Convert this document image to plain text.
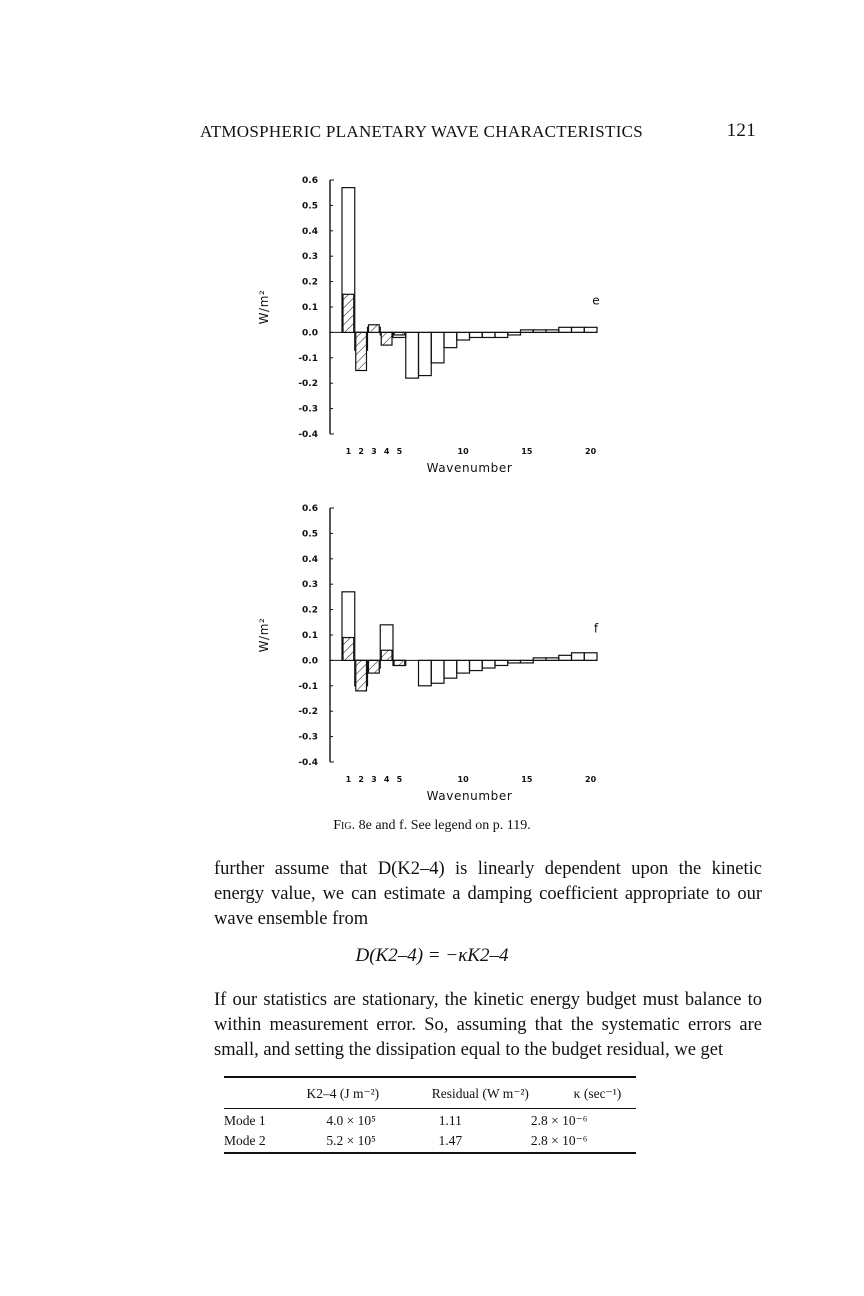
ATMOSPHERIC PLANETARY WAVE CHARACTERISTICS	121
0.6
0.5
0.4
0.3
0.2
0.1
0.0
-0.1
-0.2
-0.3
-0.4
1 2 3 4 5	10	15	20
Wavenumber
W/m²	e
0.6
0.5
0.4
0.3
0.2
0.1
0.0
-0.1
-0.2
-0.3
-0.4
1 2 3 4 5	10	15	20
Wavenumber
W/m²	f
Fig. 8e and f. See legend on p. 119.

further assume that D(K2–4) is linearly dependent upon the kinetic energy value, we can estimate a damping coefficient appropriate to our wave ensemble from

D(K2–4) = −κK2–4

If our statistics are stationary, the kinetic energy budget must balance to within measurement error. So, assuming that the systematic errors are small, and setting the dissipation equal to the budget residual, we get

	K2–4 (J m⁻²)	Residual (W m⁻²)	κ (sec⁻¹)
Mode 1	4.0 × 10⁵	1.11	2.8 × 10⁻⁶
Mode 2	5.2 × 10⁵	1.47	2.8 × 10⁻⁶
